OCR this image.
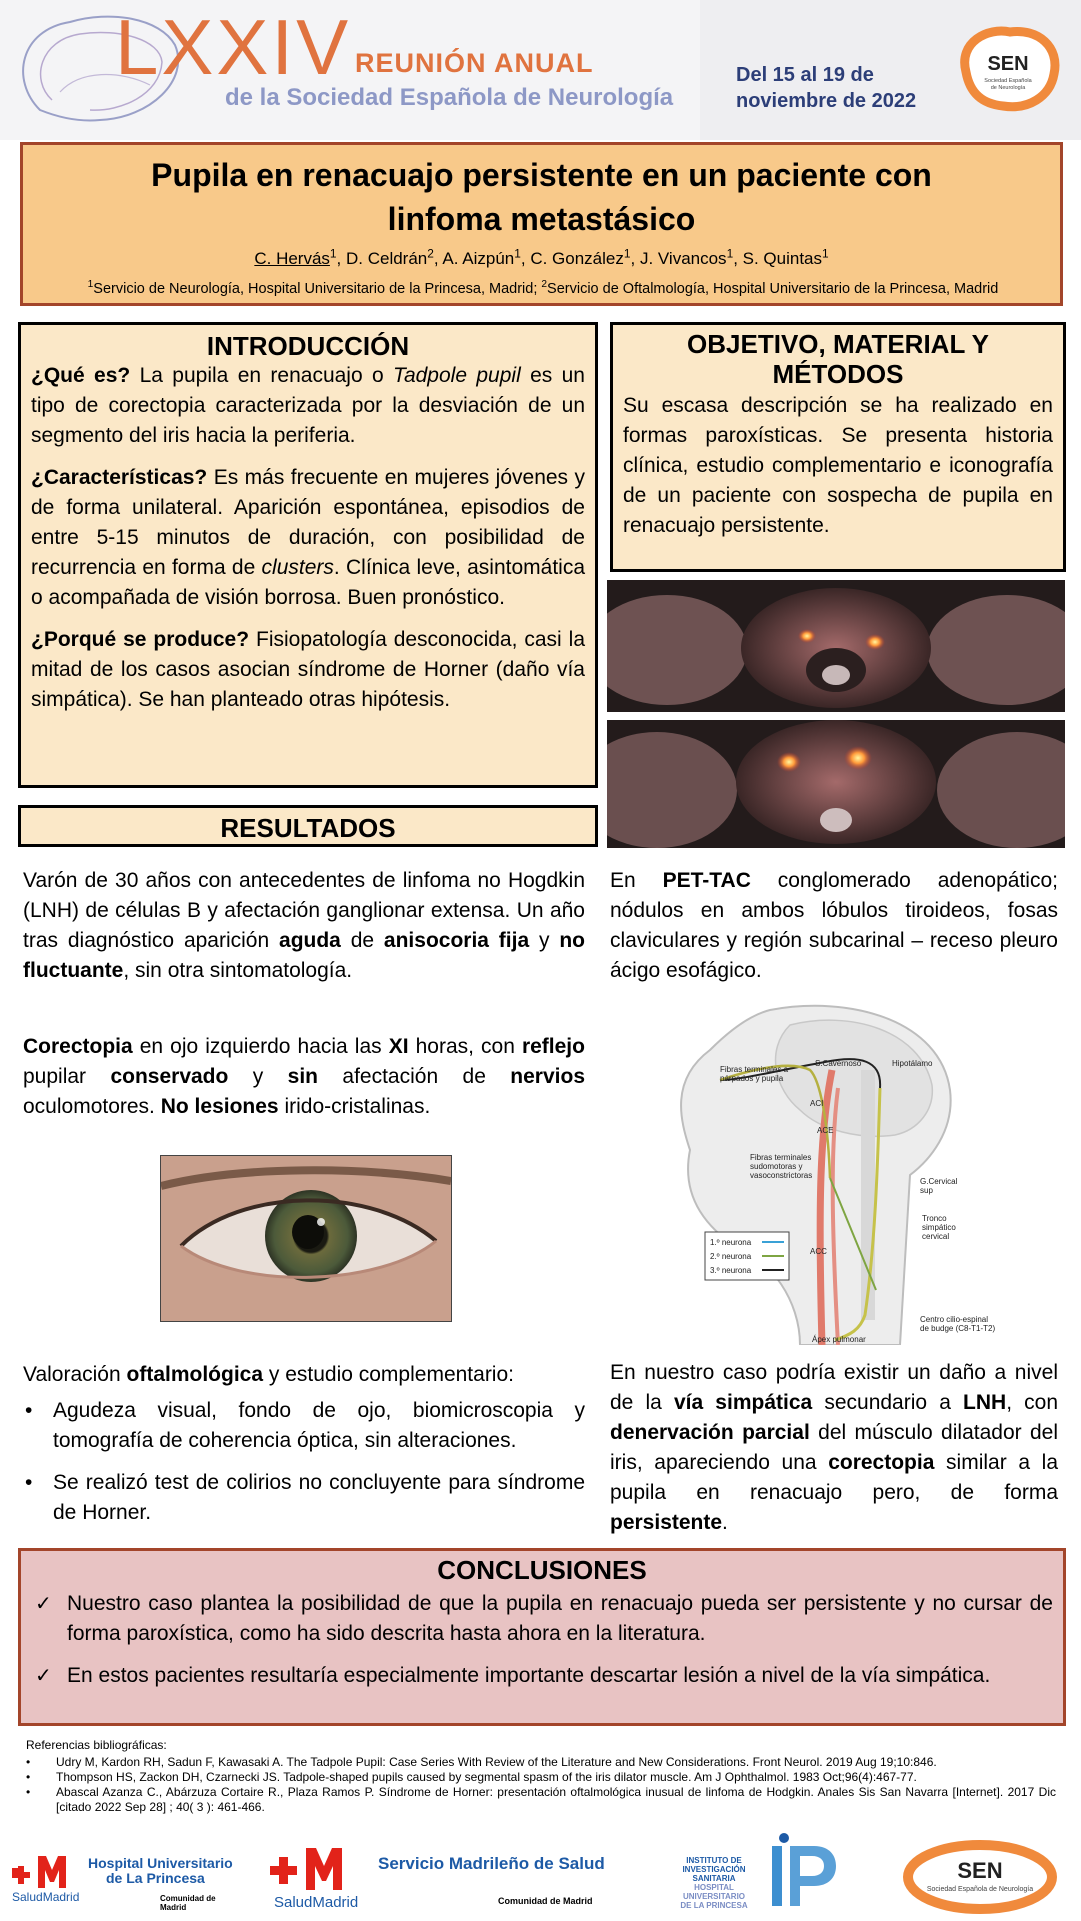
LXXIV REUNIÓN ANUAL
de la Sociedad Española de Neurología
Del 15 al 19 de
noviembre de 2022
SEN
Sociedad Española
de Neurología
Pupila en renacuajo persistente en un paciente con
linfoma metastásico
C. Hervás$^1$, D. Celdrán$^2$, A. Aizpún$^1$, C. González$^1$, J. Vivancos$^1$, S. Quintas$^1$
$^1$Servicio de Neurología, Hospital Universitario de la Princesa, Madrid; $^2$Servicio de Oftalmología, Hospital Universitario de la Princesa, Madrid
INTRODUCCIÓN

¿Qué es? La pupila en renacuajo o Tadpole pupil es un tipo de corectopia caracterizada por la desviación de un segmento del iris hacia la periferia.

¿Características? Es más frecuente en mujeres jóvenes y de forma unilateral. Aparición espontánea, episodios de entre 5-15 minutos de duración, con posibilidad de recurrencia en forma de clusters. Clínica leve, asintomática o acompañada de visión borrosa. Buen pronóstico.

¿Porqué se produce? Fisiopatología desconocida, casi la mitad de los casos asocian síndrome de Horner (daño vía simpática). Se han planteado otras hipótesis.

OBJETIVO, MATERIAL Y
MÉTODOS

Su escasa descripción se ha realizado en formas paroxísticas. Se presenta historia clínica, estudio complementario e iconografía de un paciente con sospecha de pupila en renacuajo persistente.

RESULTADOS
Varón de 30 años con antecedentes de linfoma no Hogdkin (LNH) de células B y afectación ganglionar extensa. Un año tras diagnóstico aparición aguda de anisocoria fija y no fluctuante, sin otra sintomatología.
Corectopia en ojo izquierdo hacia las XI horas, con reflejo pupilar conservado y sin afectación de nervios oculomotores. No lesiones irido-cristalinas.
En PET-TAC conglomerado adenopático; nódulos en ambos lóbulos tiroideos, fosas claviculares y región subcarinal – receso pleuro ácigo esofágico.
Fibras terminales a
párpados y pupila
S.Cavernoso	Hipotálamo
ACI
ACE
Fibras terminales
sudomotoras y
vasoconstrictoras
G.Cervical
sup
Tronco
simpático
cervical
ACC
Centro cilio-espinal
de budge (C8-T1-T2)
Ápex pulmonar
1.º neurona
2.º neurona
3.º neurona
Valoración oftalmológica y estudio complementario:
• Agudeza visual, fondo de ojo, biomicroscopia y tomografía de coherencia óptica, sin alteraciones.
• Se realizó test de colirios no concluyente para síndrome de Horner.
En nuestro caso podría existir un daño a nivel de la vía simpática secundario a LNH, con denervación parcial del músculo dilatador del iris, apareciendo una corectopia similar a la pupila en renacuajo pero, de forma persistente.
CONCLUSIONES
✓ Nuestro caso plantea la posibilidad de que la pupila en renacuajo pueda ser persistente y no cursar de forma paroxística, como ha sido descrita hasta ahora en la literatura.
✓ En estos pacientes resultaría especialmente importante descartar lesión a nivel de la vía simpática.
Referencias bibliográficas:
• Udry M, Kardon RH, Sadun F, Kawasaki A. The Tadpole Pupil: Case Series With Review of the Literature and New Considerations. Front Neurol. 2019 Aug 19;10:846.
• Thompson HS, Zackon DH, Czarnecki JS. Tadpole-shaped pupils caused by segmental spasm of the iris dilator muscle. Am J Ophthalmol. 1983 Oct;96(4):467-77.
• Abascal Azanza C., Abárzuza Cortaire R., Plaza Ramos P. Síndrome de Horner: presentación oftalmológica inusual de linfoma de Hodgkin. Anales Sis San Navarra [Internet]. 2017 Dic [citado 2022 Sep 28] ; 40( 3 ): 461-466.
SaludMadrid
Hospital Universitario
de La Princesa
Comunidad de Madrid	SaludMadrid
Servicio Madrileño de Salud
Comunidad de Madrid
INSTITUTO DE
INVESTIGACIÓN
SANITARIA
HOSPITAL UNIVERSITARIO
DE LA PRINCESA
SEN
Sociedad Española de Neurología
